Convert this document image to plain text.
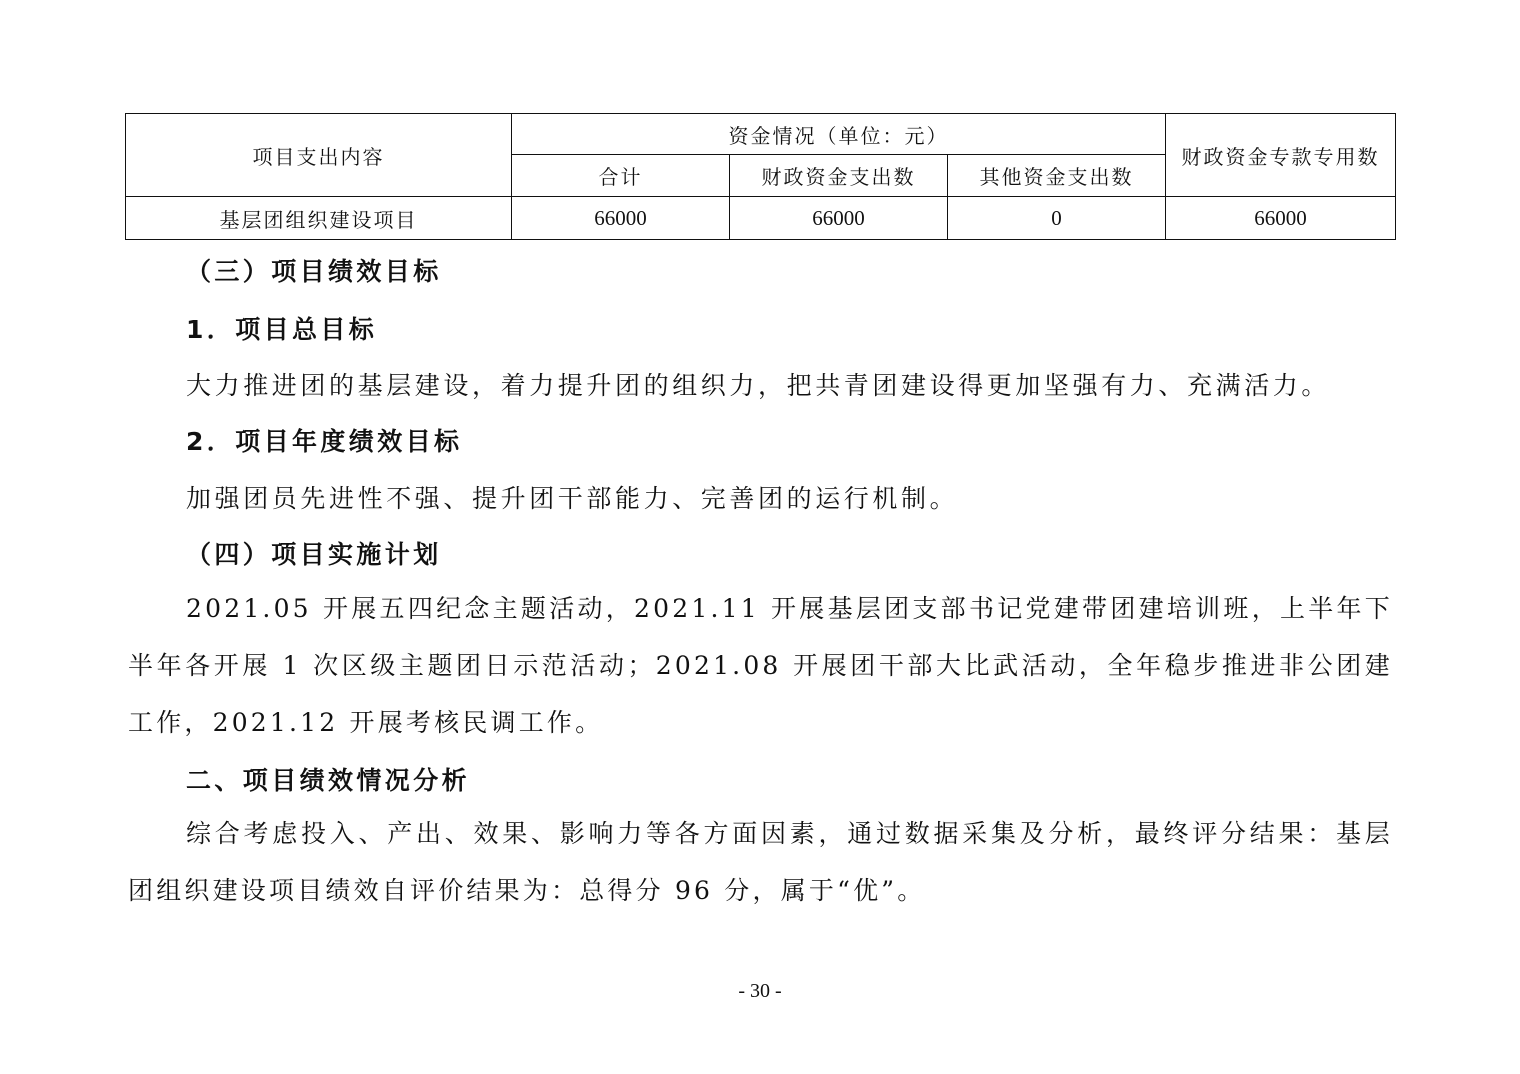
项目支出内容	资金情况（单位：元）			财政资金专款专用数
	合计	财政资金支出数	其他资金支出数	
基层团组织建设项目	66000	66000	0	66000
（三）项目绩效目标
1．项目总目标
大力推进团的基层建设，着力提升团的组织力，把共青团建设得更加坚强有力、充满活力。
2．项目年度绩效目标
加强团员先进性不强、提升团干部能力、完善团的运行机制。
（四）项目实施计划
2021.05 开展五四纪念主题活动，2021.11 开展基层团支部书记党建带团建培训班，上半年下半年各开展 1 次区级主题团日示范活动；2021.08 开展团干部大比武活动，全年稳步推进非公团建工作，2021.12 开展考核民调工作。
二、项目绩效情况分析
综合考虑投入、产出、效果、影响力等各方面因素，通过数据采集及分析，最终评分结果：基层团组织建设项目绩效自评价结果为：总得分 96 分，属于“优”。
- 30 -
